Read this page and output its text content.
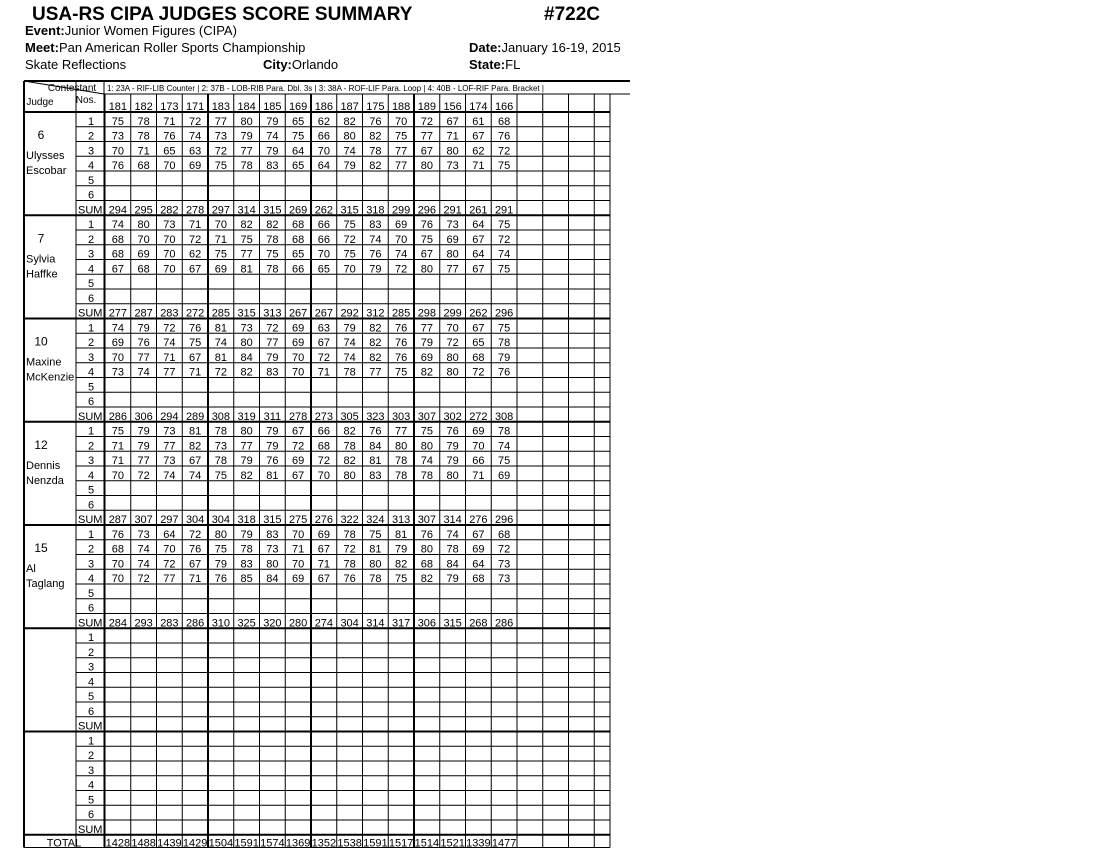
USA-RS CIPA JUDGES SCORE SUMMARY	#722C
Event:Junior Women Figures (CIPA)
Meet:Pan American Roller Sports Championship	Date:January 16-19, 2015
Skate Reflections	City:Orlando	State:FL
Contestant
Nos.
Judge
1: 23A - RIF-LIB Counter | 2: 37B - LOB-RIB Para. Dbl. 3s | 3: 38A - ROF-LIF Para. Loop | 4: 40B - LOF-RIF Para. Bracket |
181 182 173 171 183 184 185 169 186 187 175 188 189 156 174 166
6
Ulysses
Escobar
1 75 78 71 72 77 80 79 65 62 82 76 70 72 67 61 68
2 73 78 76 74 73 79 74 75 66 80 82 75 77 71 67 76
3 70 71 65 63 72 77 79 64 70 74 78 77 67 80 62 72
4 76 68 70 69 75 78 83 65 64 79 82 77 80 73 71 75
5
6
SUM 294 295 282 278 297 314 315 269 262 315 318 299 296 291 261 291
7
Sylvia
Haffke
1 74 80 73 71 70 82 82 68 66 75 83 69 76 73 64 75
2 68 70 70 72 71 75 78 68 66 72 74 70 75 69 67 72
3 68 69 70 62 75 77 75 65 70 75 76 74 67 80 64 74
4 67 68 70 67 69 81 78 66 65 70 79 72 80 77 67 75
5
6
SUM 277 287 283 272 285 315 313 267 267 292 312 285 298 299 262 296
10
Maxine
McKenzie
1 74 79 72 76 81 73 72 69 63 79 82 76 77 70 67 75
2 69 76 74 75 74 80 77 69 67 74 82 76 79 72 65 78
3 70 77 71 67 81 84 79 70 72 74 82 76 69 80 68 79
4 73 74 77 71 72 82 83 70 71 78 77 75 82 80 72 76
5
6
SUM 286 306 294 289 308 319 311 278 273 305 323 303 307 302 272 308
12
Dennis
Nenzda
1 75 79 73 81 78 80 79 67 66 82 76 77 75 76 69 78
2 71 79 77 82 73 77 79 72 68 78 84 80 80 79 70 74
3 71 77 73 67 78 79 76 69 72 82 81 78 74 79 66 75
4 70 72 74 74 75 82 81 67 70 80 83 78 78 80 71 69
5
6
SUM 287 307 297 304 304 318 315 275 276 322 324 313 307 314 276 296
15
Al
Taglang
1 76 73 64 72 80 79 83 70 69 78 75 81 76 74 67 68
2 68 74 70 76 75 78 73 71 67 72 81 79 80 78 69 72
3 70 74 72 67 79 83 80 70 71 78 80 82 68 84 64 73
4 70 72 77 71 76 85 84 69 67 76 78 75 82 79 68 73
5
6
SUM 284 293 283 286 310 325 320 280 274 304 314 317 306 315 268 286
1
2
3
4
5
6
SUM
1
2
3
4
5
6
SUM
TOTAL 1428 1488 1439 1429 1504 1591 1574 1369 1352 1538 1591 1517 1514 1521 1339 1477
